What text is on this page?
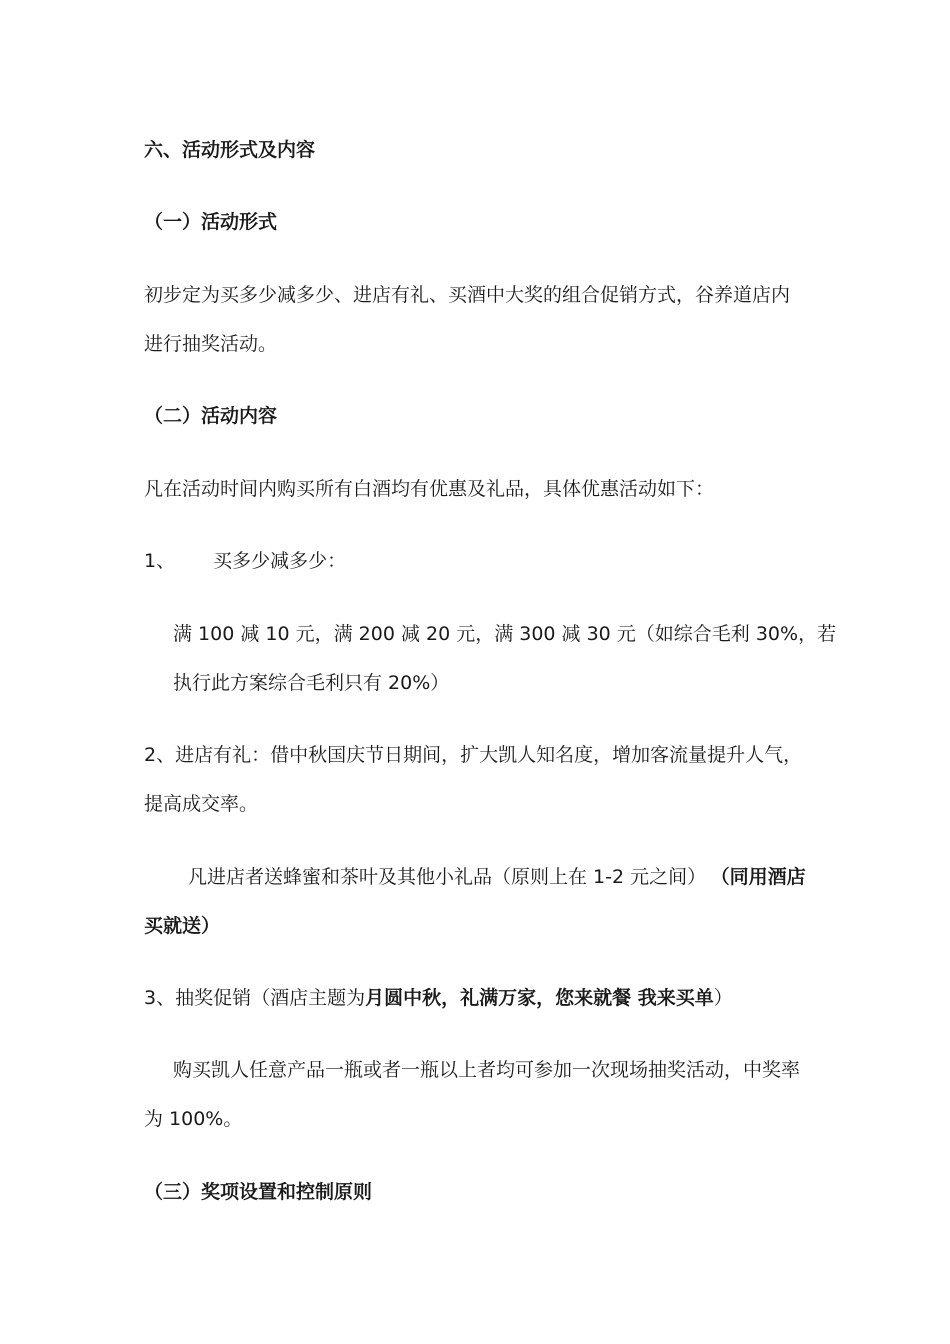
六、活动形式及内容
（一）活动形式
初步定为买多少减多少、进店有礼、买酒中大奖的组合促销方式，谷养道店内
进行抽奖活动。
（二）活动内容
凡在活动时间内购买所有白酒均有优惠及礼品，具体优惠活动如下：
1、 买多少减多少：
满 100 减 10 元，满 200 减 20 元，满 300 减 30 元（如综合毛利 30%，若
执行此方案综合毛利只有 20%）
2、进店有礼：借中秋国庆节日期间，扩大凯人知名度，增加客流量提升人气，
提高成交率。
凡进店者送蜂蜜和茶叶及其他小礼品（原则上在 1-2 元之间） （同用酒店
买就送）
3、抽奖促销（酒店主题为月圆中秋，礼满万家，您来就餐 我来买单）
购买凯人任意产品一瓶或者一瓶以上者均可参加一次现场抽奖活动，中奖率
为 100%。
（三）奖项设置和控制原则
